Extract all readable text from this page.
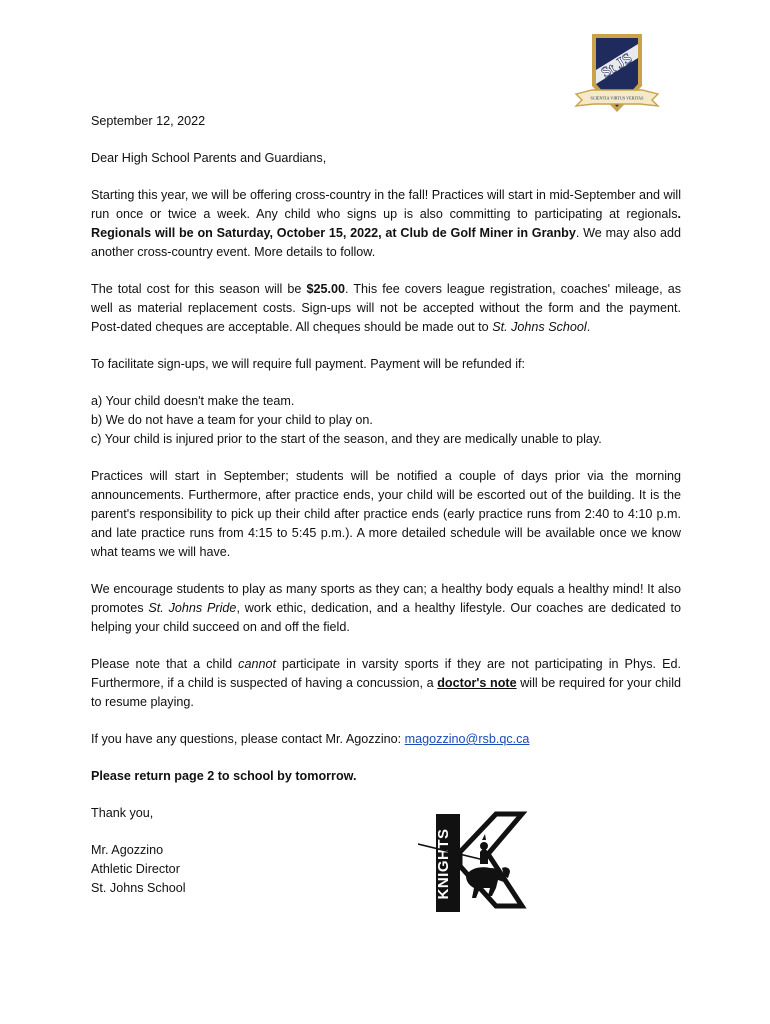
St JS
SCIENTIA VIRTUS VERITAS

September 12, 2022

Dear High School Parents and Guardians,

Starting this year, we will be offering cross-country in the fall! Practices will start in mid-September and will run once or twice a week. Any child who signs up is also committing to participating at regionals. Regionals will be on Saturday, October 15, 2022, at Club de Golf Miner in Granby. We may also add another cross-country event. More details to follow.

The total cost for this season will be $25.00. This fee covers league registration, coaches' mileage, as well as material replacement costs. Sign-ups will not be accepted without the form and the payment. Post-dated cheques are acceptable. All cheques should be made out to St. Johns School.

To facilitate sign-ups, we will require full payment. Payment will be refunded if:

a) Your child doesn't make the team.

b) We do not have a team for your child to play on.

c) Your child is injured prior to the start of the season, and they are medically unable to play.

Practices will start in September; students will be notified a couple of days prior via the morning announcements. Furthermore, after practice ends, your child will be escorted out of the building. It is the parent's responsibility to pick up their child after practice ends (early practice runs from 2:40 to 4:10 p.m. and late practice runs from 4:15 to 5:45 p.m.). A more detailed schedule will be available once we know what teams we will have.

We encourage students to play as many sports as they can; a healthy body equals a healthy mind! It also promotes St. Johns Pride, work ethic, dedication, and a healthy lifestyle. Our coaches are dedicated to helping your child succeed on and off the field.

Please note that a child cannot participate in varsity sports if they are not participating in Phys. Ed. Furthermore, if a child is suspected of having a concussion, a doctor's note will be required for your child to resume playing.

If you have any questions, please contact Mr. Agozzino: magozzino@rsb.qc.ca

Please return page 2 to school by tomorrow.

Thank you,

Mr. Agozzino

Athletic Director

St. Johns School	KNIGHTS
